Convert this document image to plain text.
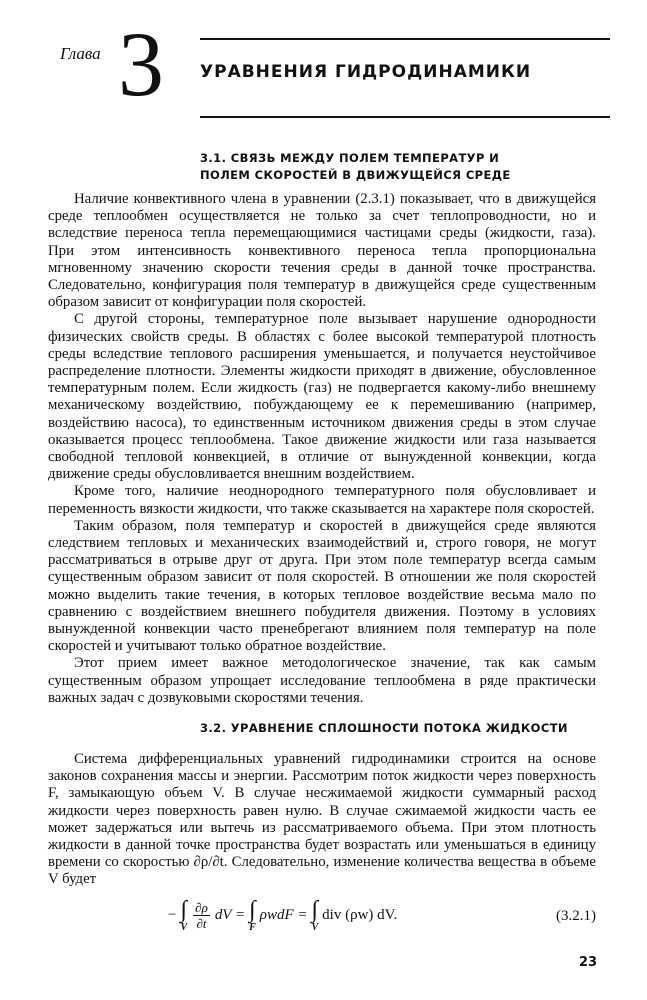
Глава 3 УРАВНЕНИЯ ГИДРОДИНАМИКИ
3.1. СВЯЗЬ МЕЖДУ ПОЛЕМ ТЕМПЕРАТУР И
ПОЛЕМ СКОРОСТЕЙ В ДВИЖУЩЕЙСЯ СРЕДЕ

Наличие конвективного члена в уравнении (2.3.1) показывает, что в движущейся среде теплообмен осуществляется не только за счет теплопроводности, но и вследствие переноса тепла перемещающимися частицами среды (жидкости, газа). При этом интенсивность конвективного переноса тепла пропорциональна мгновенному значению скорости течения среды в данной точке пространства. Следовательно, конфигурация поля температур в движущейся среде существенным образом зависит от конфигурации поля скоростей.

С другой стороны, температурное поле вызывает нарушение однородности физических свойств среды. В областях с более высокой температурой плотность среды вследствие теплового расширения уменьшается, и получается неустойчивое распределение плотности. Элементы жидкости приходят в движение, обусловленное температурным полем. Если жидкость (газ) не подвергается какому-либо внешнему механическому воздействию, побуждающему ее к перемешиванию (например, воздействию насоса), то единственным источником движения среды в этом случае оказывается процесс теплообмена. Такое движение жидкости или газа называется свободной тепловой конвекцией, в отличие от вынужденной конвекции, когда движение среды обусловливается внешним воздействием.

Кроме того, наличие неоднородного температурного поля обусловливает и переменность вязкости жидкости, что также сказывается на характере поля скоростей.

Таким образом, поля температур и скоростей в движущейся среде являются следствием тепловых и механических взаимодействий и, строго говоря, не могут рассматриваться в отрыве друг от друга. При этом поле температур всегда самым существенным образом зависит от поля скоростей. В отношении же поля скоростей можно выделить такие течения, в которых тепловое воздействие весьма мало по сравнению с воздействием внешнего побудителя движения. Поэтому в условиях вынужденной конвекции часто пренебрегают влиянием поля температур на поле скоростей и учитывают только обратное воздействие.

Этот прием имеет важное методологическое значение, так как самым существенным образом упрощает исследование теплообмена в ряде практически важных задач с дозвуковыми скоростями течения.

3.2. УРАВНЕНИЕ СПЛОШНОСТИ ПОТОКА ЖИДКОСТИ

Система дифференциальных уравнений гидродинамики строится на основе законов сохранения массы и энергии. Рассмотрим поток жидкости через поверхность F, замыкающую объем V. В случае несжимаемой жидкости суммарный расход жидкости через поверхность равен нулю. В случае сжимаемой жидкости часть ее может задержаться или вытечь из рассматриваемого объема. При этом плотность жидкости в данной точке пространства будет возрастать или уменьшаться в единицу времени со скоростью ∂ρ/∂t. Следовательно, изменение количества вещества в объеме V будет

− ∫
V $\frac{\partial\rho}{\partial t}$ dV = ∫
F
ρwdF = ∫
V
div (ρw) dV.	(3.2.1)
23
